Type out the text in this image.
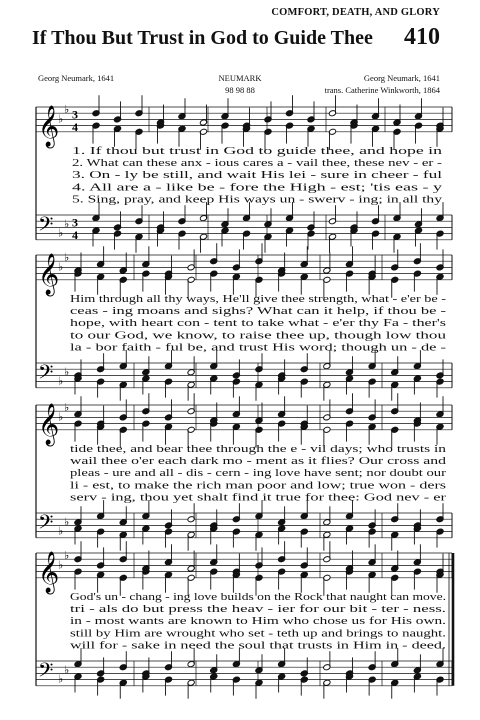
COMFORT, DEATH, AND GLORY
If Thou But Trust in God to Guide Thee 410
Georg Neumark, 1641	NEUMARK
98 98 88
Georg Neumark, 1641
trans. Catherine Winkworth, 1864
𝄞
𝄢
♭
♭
♭
♭
3
4
3
4
1. If thou but trust in God to guide thee, and hope in
2. What can these anx - ious cares a - vail thee, these nev - er -
3. On - ly be still, and wait His lei - sure in cheer - ful
4. All are a - like be - fore the High - est; 'tis eas - y
5. Sing, pray, and keep His ways un - swerv - ing; in all thy
𝄞
𝄢
♭
♭
♭
♭
Him through all thy ways, He'll give thee strength, what - e'er be -
ceas - ing moans and sighs? What can it help, if thou be -
hope, with heart con - tent to take what - e'er thy Fa - ther's
to our God, we know, to raise thee up, though low thou
la - bor faith - ful be, and trust His word; though un - de -
𝄞
𝄢
♭
♭
♭
♭
tide thee, and bear thee through the e - vil days; who trusts in
wail thee o'er each dark mo - ment as it flies? Our cross and
pleas - ure and all - dis - cern - ing love have sent; nor doubt our
li - est, to make the rich man poor and low; true won - ders
serv - ing, thou yet shalt find it true for thee: God nev - er
𝄞
𝄢
♭
♭
♭
♭
God's un - chang - ing love builds on the Rock that naught can move.
tri - als do but press the heav - ier for our bit - ter - ness.
in - most wants are known to Him who chose us for His own.
still by Him are wrought who set - teth up and brings to naught.
will for - sake in need the soul that trusts in Him in - deed.
